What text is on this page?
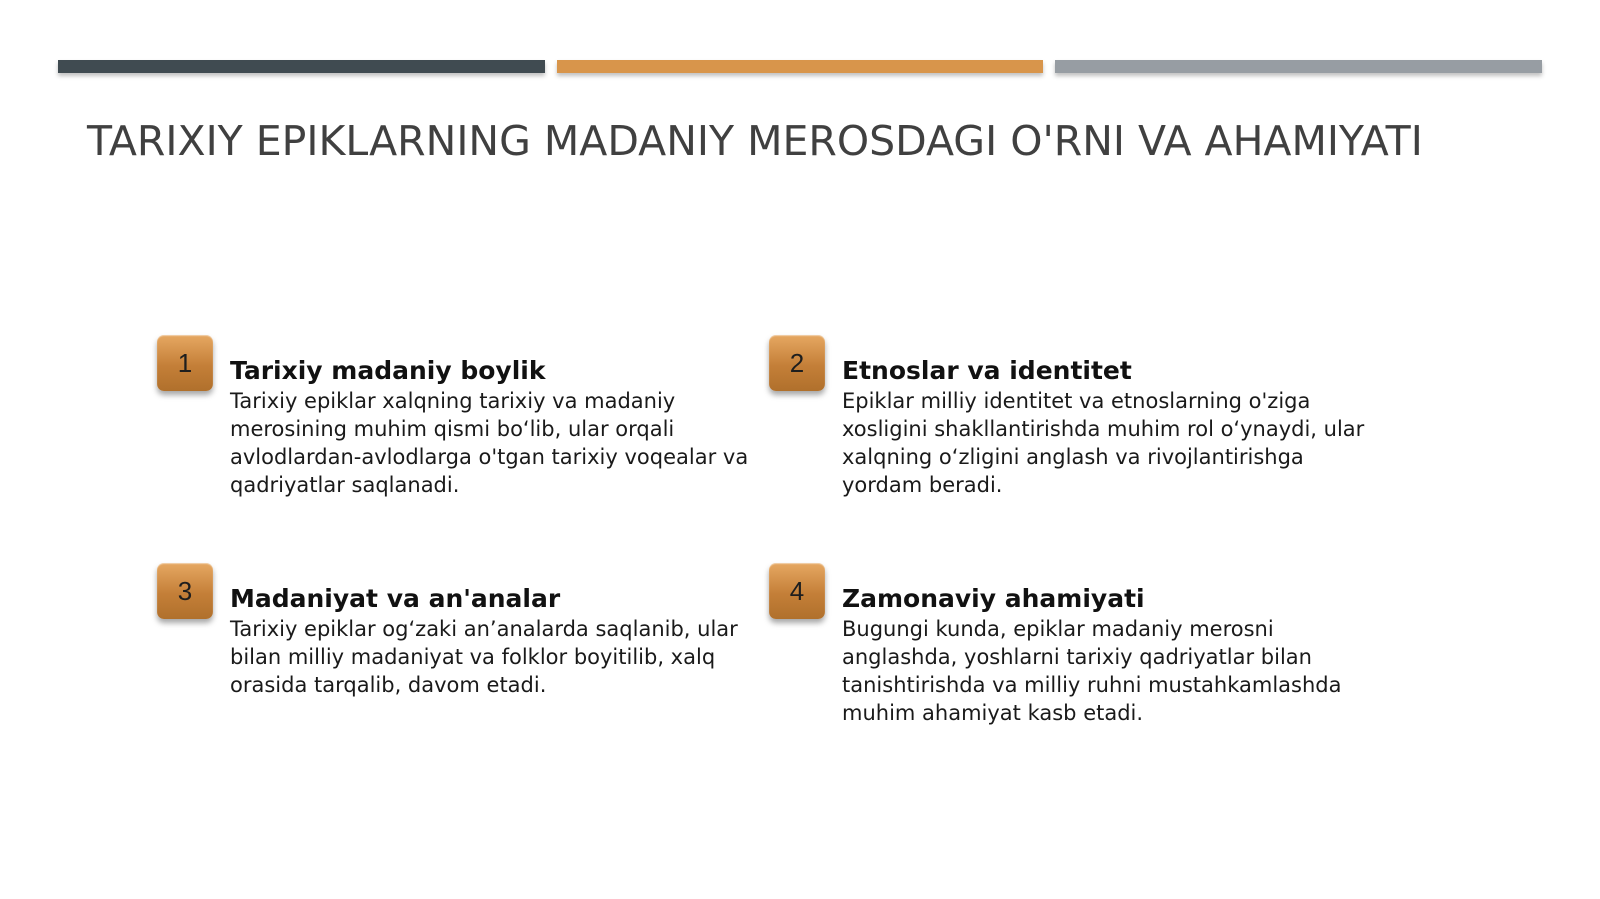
TARIXIY EPIKLARNING MADANIY MEROSDAGI O'RNI VA AHAMIYATI
1	Tarixiy madaniy boylik

Tarixiy epiklar xalqning tarixiy va madaniy merosining muhim qismi bo‘lib, ular orqali avlodlardan-avlodlarga o'tgan tarixiy voqealar va qadriyatlar saqlanadi.

2	Etnoslar va identitet

Epiklar milliy identitet va etnoslarning o'ziga xosligini shakllantirishda muhim rol o‘ynaydi, ular xalqning o‘zligini anglash va rivojlantirishga yordam beradi.

3	Madaniyat va an'analar

Tarixiy epiklar og‘zaki an’analarda saqlanib, ular bilan milliy madaniyat va folklor boyitilib, xalq orasida tarqalib, davom etadi.

4	Zamonaviy ahamiyati

Bugungi kunda, epiklar madaniy merosni anglashda, yoshlarni tarixiy qadriyatlar bilan tanishtirishda va milliy ruhni mustahkamlashda muhim ahamiyat kasb etadi.
